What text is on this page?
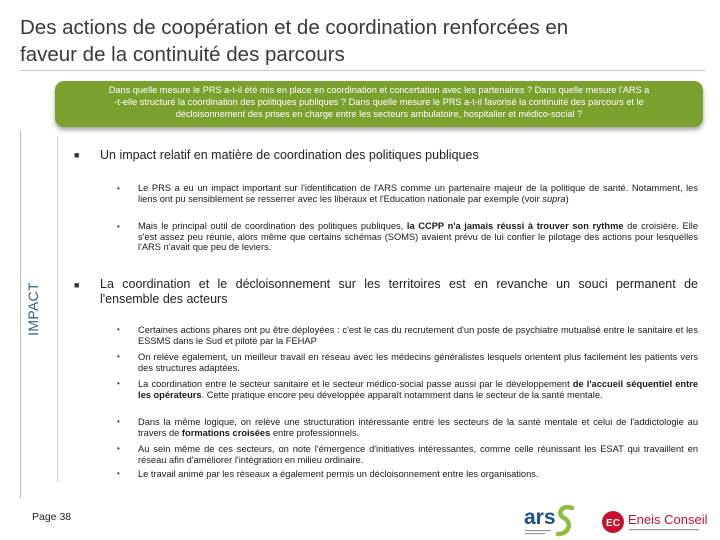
Des actions de coopération et de coordination renforcées en
faveur de la continuité des parcours
Dans quelle mesure le PRS a-t-il été mis en place en coordination et concertation avec les partenaires ? Dans quelle mesure l'ARS a
-t-elle structuré la coordination des politiques publiques ? Dans quelle mesure le PRS a-t-il favorisé la continuité des parcours et le
décloisonnement des prises en charge entre les secteurs ambulatoire, hospitalier et médico-social ?
IMPACT
■ Un impact relatif en matière de coordination des politiques publiques
• Le PRS a eu un impact important sur l'identification de l'ARS comme un partenaire majeur de la politique de santé. Notamment, les liens ont pu sensiblement se resserrer avec les libéraux et l'Education nationale par exemple (voir supra)
• Mais le principal outil de coordination des politiques publiques, la CCPP n'a jamais réussi à trouver son rythme de croisière. Elle s'est assez peu réunie, alors même que certains schémas (SOMS) avaient prévu de lui confier le pilotage des actions pour lesquelles l'ARS n'avait que peu de leviers.
■ La coordination et le décloisonnement sur les territoires est en revanche un souci permanent de
l'ensemble des acteurs
• Certaines actions phares ont pu être déployées : c'est le cas du recrutement d'un poste de psychiatre mutualisé entre le sanitaire et les ESSMS dans le Sud et piloté par la FEHAP
• On relève également, un meilleur travail en réseau avec les médecins généralistes lesquels orientent plus facilement les patients vers des structures adaptées.
• La coordination entre le secteur sanitaire et le secteur médico-social passe aussi par le développement de l'accueil séquentiel entre les opérateurs. Cette pratique encore peu développée apparaît notamment dans le secteur de la santé mentale.
• Dans la même logique, on relève une structuration intéressante entre les secteurs de la santé mentale et celui de l'addictologie au travers de formations croisées entre professionnels.
• Au sein même de ces secteurs, on note l'émergence d'initiatives intéressantes, comme celle réunissant les ESAT qui travaillent en réseau afin d'améliorer l'intégration en milieu ordinaire.
• Le travail animé par les réseaux a également permis un décloisonnement entre les organisations.
Page 38	ars	EC Eneis Conseil
